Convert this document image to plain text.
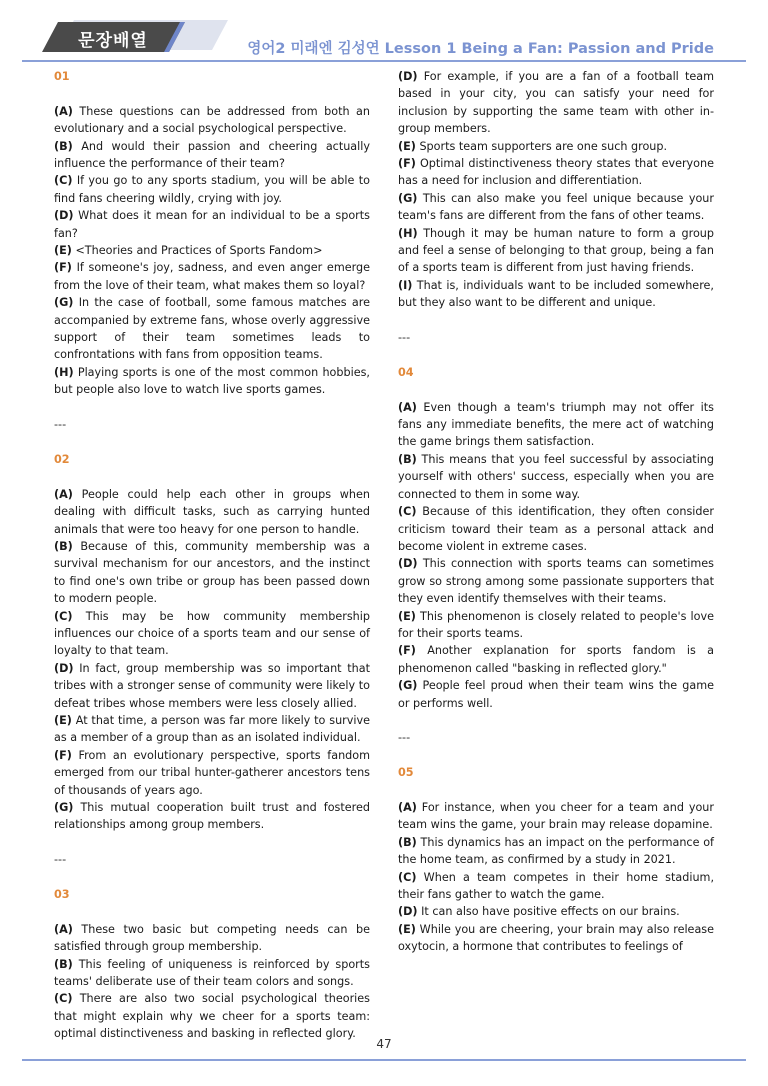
문장배열	영어2 미래엔 김성연 Lesson 1 Being a Fan: Passion and Pride

01

(A) These questions can be addressed from both an evolutionary and a social psychological perspective.

(B) And would their passion and cheering actually influence the performance of their team?

(C) If you go to any sports stadium, you will be able to find fans cheering wildly, crying with joy.

(D) What does it mean for an individual to be a sports fan?

(E) <Theories and Practices of Sports Fandom>

(F) If someone's joy, sadness, and even anger emerge from the love of their team, what makes them so loyal?

(G) In the case of football, some famous matches are accompanied by extreme fans, whose overly aggressive support of their team sometimes leads to confrontations with fans from opposition teams.

(H) Playing sports is one of the most common hobbies, but people also love to watch live sports games.

---

02

(A) People could help each other in groups when dealing with difficult tasks, such as carrying hunted animals that were too heavy for one person to handle.

(B) Because of this, community membership was a survival mechanism for our ancestors, and the instinct to find one's own tribe or group has been passed down to modern people.

(C) This may be how community membership influences our choice of a sports team and our sense of loyalty to that team.

(D) In fact, group membership was so important that tribes with a stronger sense of community were likely to defeat tribes whose members were less closely allied.

(E) At that time, a person was far more likely to survive as a member of a group than as an isolated individual.

(F) From an evolutionary perspective, sports fandom emerged from our tribal hunter-gatherer ancestors tens of thousands of years ago.

(G) This mutual cooperation built trust and fostered relationships among group members.

---

03

(A) These two basic but competing needs can be satisfied through group membership.

(B) This feeling of uniqueness is reinforced by sports teams' deliberate use of their team colors and songs.

(C) There are also two social psychological theories that might explain why we cheer for a sports team: optimal distinctiveness and basking in reflected glory.

(D) For example, if you are a fan of a football team based in your city, you can satisfy your need for inclusion by supporting the same team with other in-group members.

(E) Sports team supporters are one such group.

(F) Optimal distinctiveness theory states that everyone has a need for inclusion and differentiation.

(G) This can also make you feel unique because your team's fans are different from the fans of other teams.

(H) Though it may be human nature to form a group and feel a sense of belonging to that group, being a fan of a sports team is different from just having friends.

(I) That is, individuals want to be included somewhere, but they also want to be different and unique.

---

04

(A) Even though a team's triumph may not offer its fans any immediate benefits, the mere act of watching the game brings them satisfaction.

(B) This means that you feel successful by associating yourself with others' success, especially when you are connected to them in some way.

(C) Because of this identification, they often consider criticism toward their team as a personal attack and become violent in extreme cases.

(D) This connection with sports teams can sometimes grow so strong among some passionate supporters that they even identify themselves with their teams.

(E) This phenomenon is closely related to people's love for their sports teams.

(F) Another explanation for sports fandom is a phenomenon called "basking in reflected glory."

(G) People feel proud when their team wins the game or performs well.

---

05

(A) For instance, when you cheer for a team and your team wins the game, your brain may release dopamine.

(B) This dynamics has an impact on the performance of the home team, as confirmed by a study in 2021.

(C) When a team competes in their home stadium, their fans gather to watch the game.

(D) It can also have positive effects on our brains.

(E) While you are cheering, your brain may also release oxytocin, a hormone that contributes to feelings of

47
